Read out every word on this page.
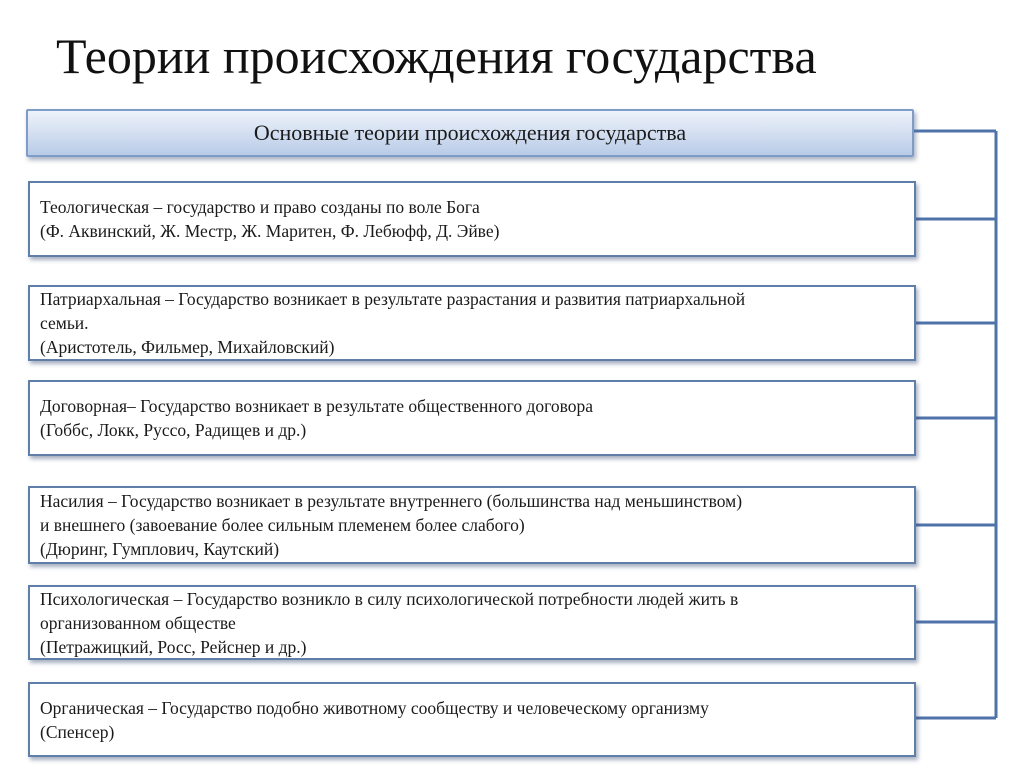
Теории происхождения государства
Основные теории происхождения государства
Теологическая – государство и право созданы по воле Бога
(Ф. Аквинский, Ж. Местр, Ж. Маритен, Ф. Лебюфф, Д. Эйве)
Патриархальная – Государство возникает в результате разрастания и развития патриархальной
семьи.
(Аристотель, Фильмер, Михайловский)
Договорная– Государство возникает в результате общественного договора
(Гоббс, Локк, Руссо, Радищев и др.)
Насилия – Государство возникает в результате внутреннего (большинства над меньшинством)
и внешнего (завоевание более сильным племенем более слабого)
(Дюринг, Гумплович, Каутский)
Психологическая – Государство возникло в силу психологической потребности людей жить в
организованном обществе
(Петражицкий, Росс, Рейснер и др.)
Органическая – Государство подобно животному сообществу и человеческому организму
(Спенсер)
